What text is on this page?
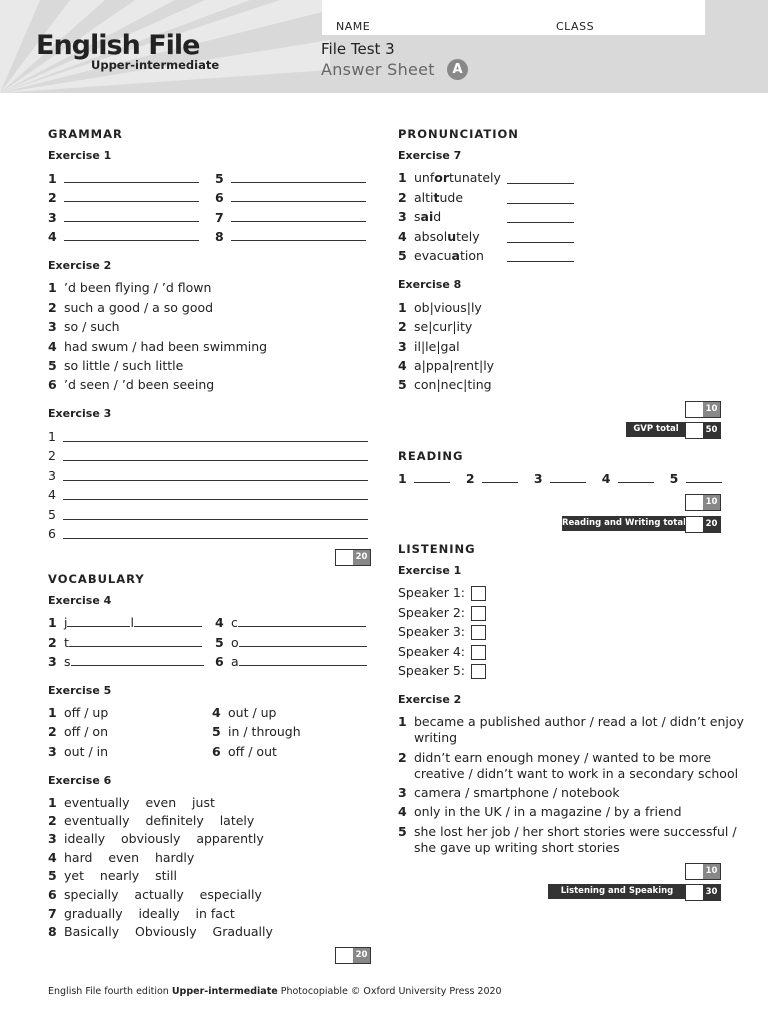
NAME	CLASS
English File
Upper-intermediate
File Test 3
Answer Sheet	A
GRAMMAR
Exercise 1
1
2
3
4
5
6
7
8
Exercise 2
1 ’d been flying / ’d flown
2 such a good / a so good
3 so / such
4 had swum / had been swimming
5 so little / such little
6 ’d seen / ’d been seeing
Exercise 3
1
2
3
4
5
6
20
VOCABULARY
Exercise 4
1 j	l
2 t
3 s
4 c
5 o
6 a
Exercise 5
1 off / up
2 off / on
3 out / in
4 out / up
5 in / through
6 off / out
Exercise 6
1 eventually even just
2 eventually definitely lately
3 ideally obviously apparently
4 hard even hardly
5 yet nearly still
6 specially actually especially
7 gradually ideally in fact
8 Basically Obviously Gradually
20
PRONUNCIATION
Exercise 7
1 unfortunately
2 altitude
3 said
4 absolutely
5 evacuation
Exercise 8
1 ob|vious|ly
2 se|cur|ity
3 il|le|gal
4 a|ppa|rent|ly
5 con|nec|ting
10
GVP total	50
READING
1	2	3	4	5
10
Reading and Writing total	20
LISTENING
Exercise 1
Speaker 1:
Speaker 2:
Speaker 3:
Speaker 4:
Speaker 5:
Exercise 2
1 became a published author / read a lot / didn’t enjoy
writing
2 didn’t earn enough money / wanted to be more
creative / didn’t want to work in a secondary school
3 camera / smartphone / notebook
4 only in the UK / in a magazine / by a friend
5 she lost her job / her short stories were successful /
she gave up writing short stories
10
Listening and Speaking total
30
English File fourth edition Upper-intermediate Photocopiable © Oxford University Press 2020
